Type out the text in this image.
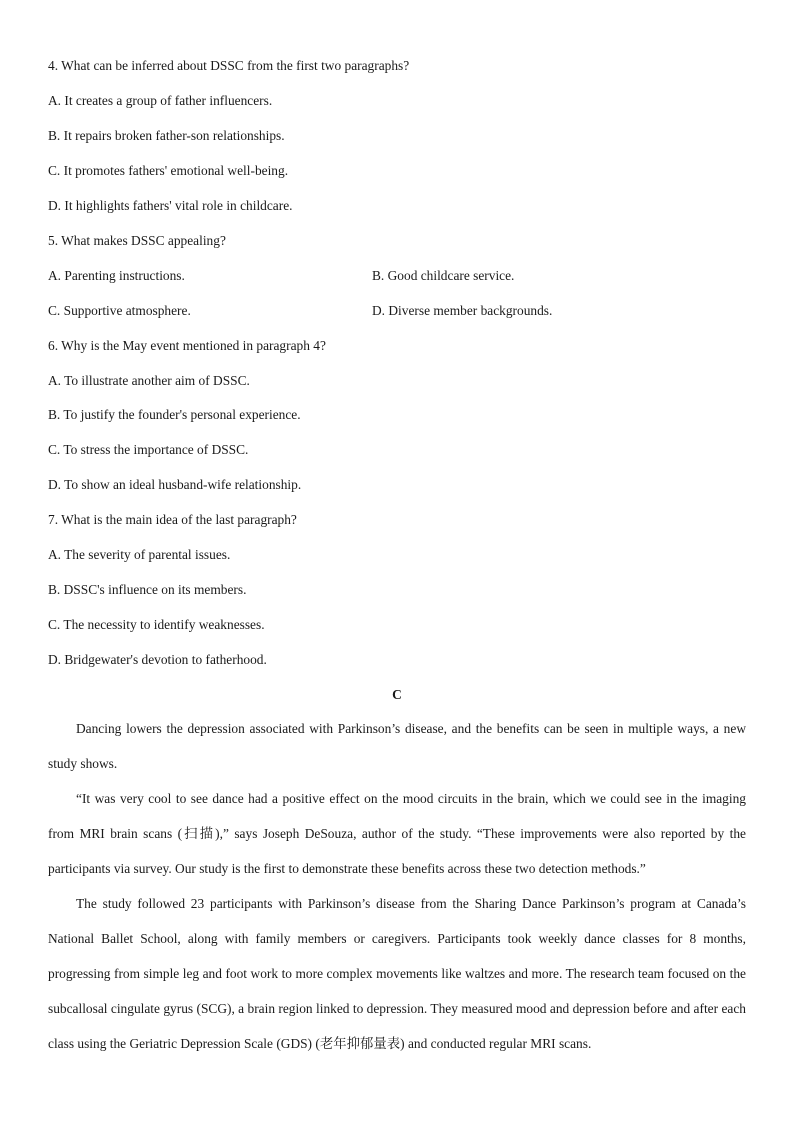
4. What can be inferred about DSSC from the first two paragraphs?
A. It creates a group of father influencers.
B. It repairs broken father-son relationships.
C. It promotes fathers' emotional well-being.
D. It highlights fathers' vital role in childcare.
5. What makes DSSC appealing?
A. Parenting instructions.	B. Good childcare service.
C. Supportive atmosphere.	D. Diverse member backgrounds.
6. Why is the May event mentioned in paragraph 4?
A. To illustrate another aim of DSSC.
B. To justify the founder's personal experience.
C. To stress the importance of DSSC.
D. To show an ideal husband-wife relationship.
7. What is the main idea of the last paragraph?
A. The severity of parental issues.
B. DSSC's influence on its members.
C. The necessity to identify weaknesses.
D. Bridgewater's devotion to fatherhood.
C
Dancing lowers the depression associated with Parkinson’s disease, and the benefits can be seen in multiple ways, a new study shows.
“It was very cool to see dance had a positive effect on the mood circuits in the brain, which we could see in the imaging from MRI brain scans (扫描),” says Joseph DeSouza, author of the study. “These improvements were also reported by the participants via survey. Our study is the first to demonstrate these benefits across these two detection methods.”
The study followed 23 participants with Parkinson’s disease from the Sharing Dance Parkinson’s program at Canada’s National Ballet School, along with family members or caregivers. Participants took weekly dance classes for 8 months, progressing from simple leg and foot work to more complex movements like waltzes and more. The research team focused on the subcallosal cingulate gyrus (SCG), a brain region linked to depression. They measured mood and depression before and after each class using the Geriatric Depression Scale (GDS) (老年抑郁量表) and conducted regular MRI scans.
